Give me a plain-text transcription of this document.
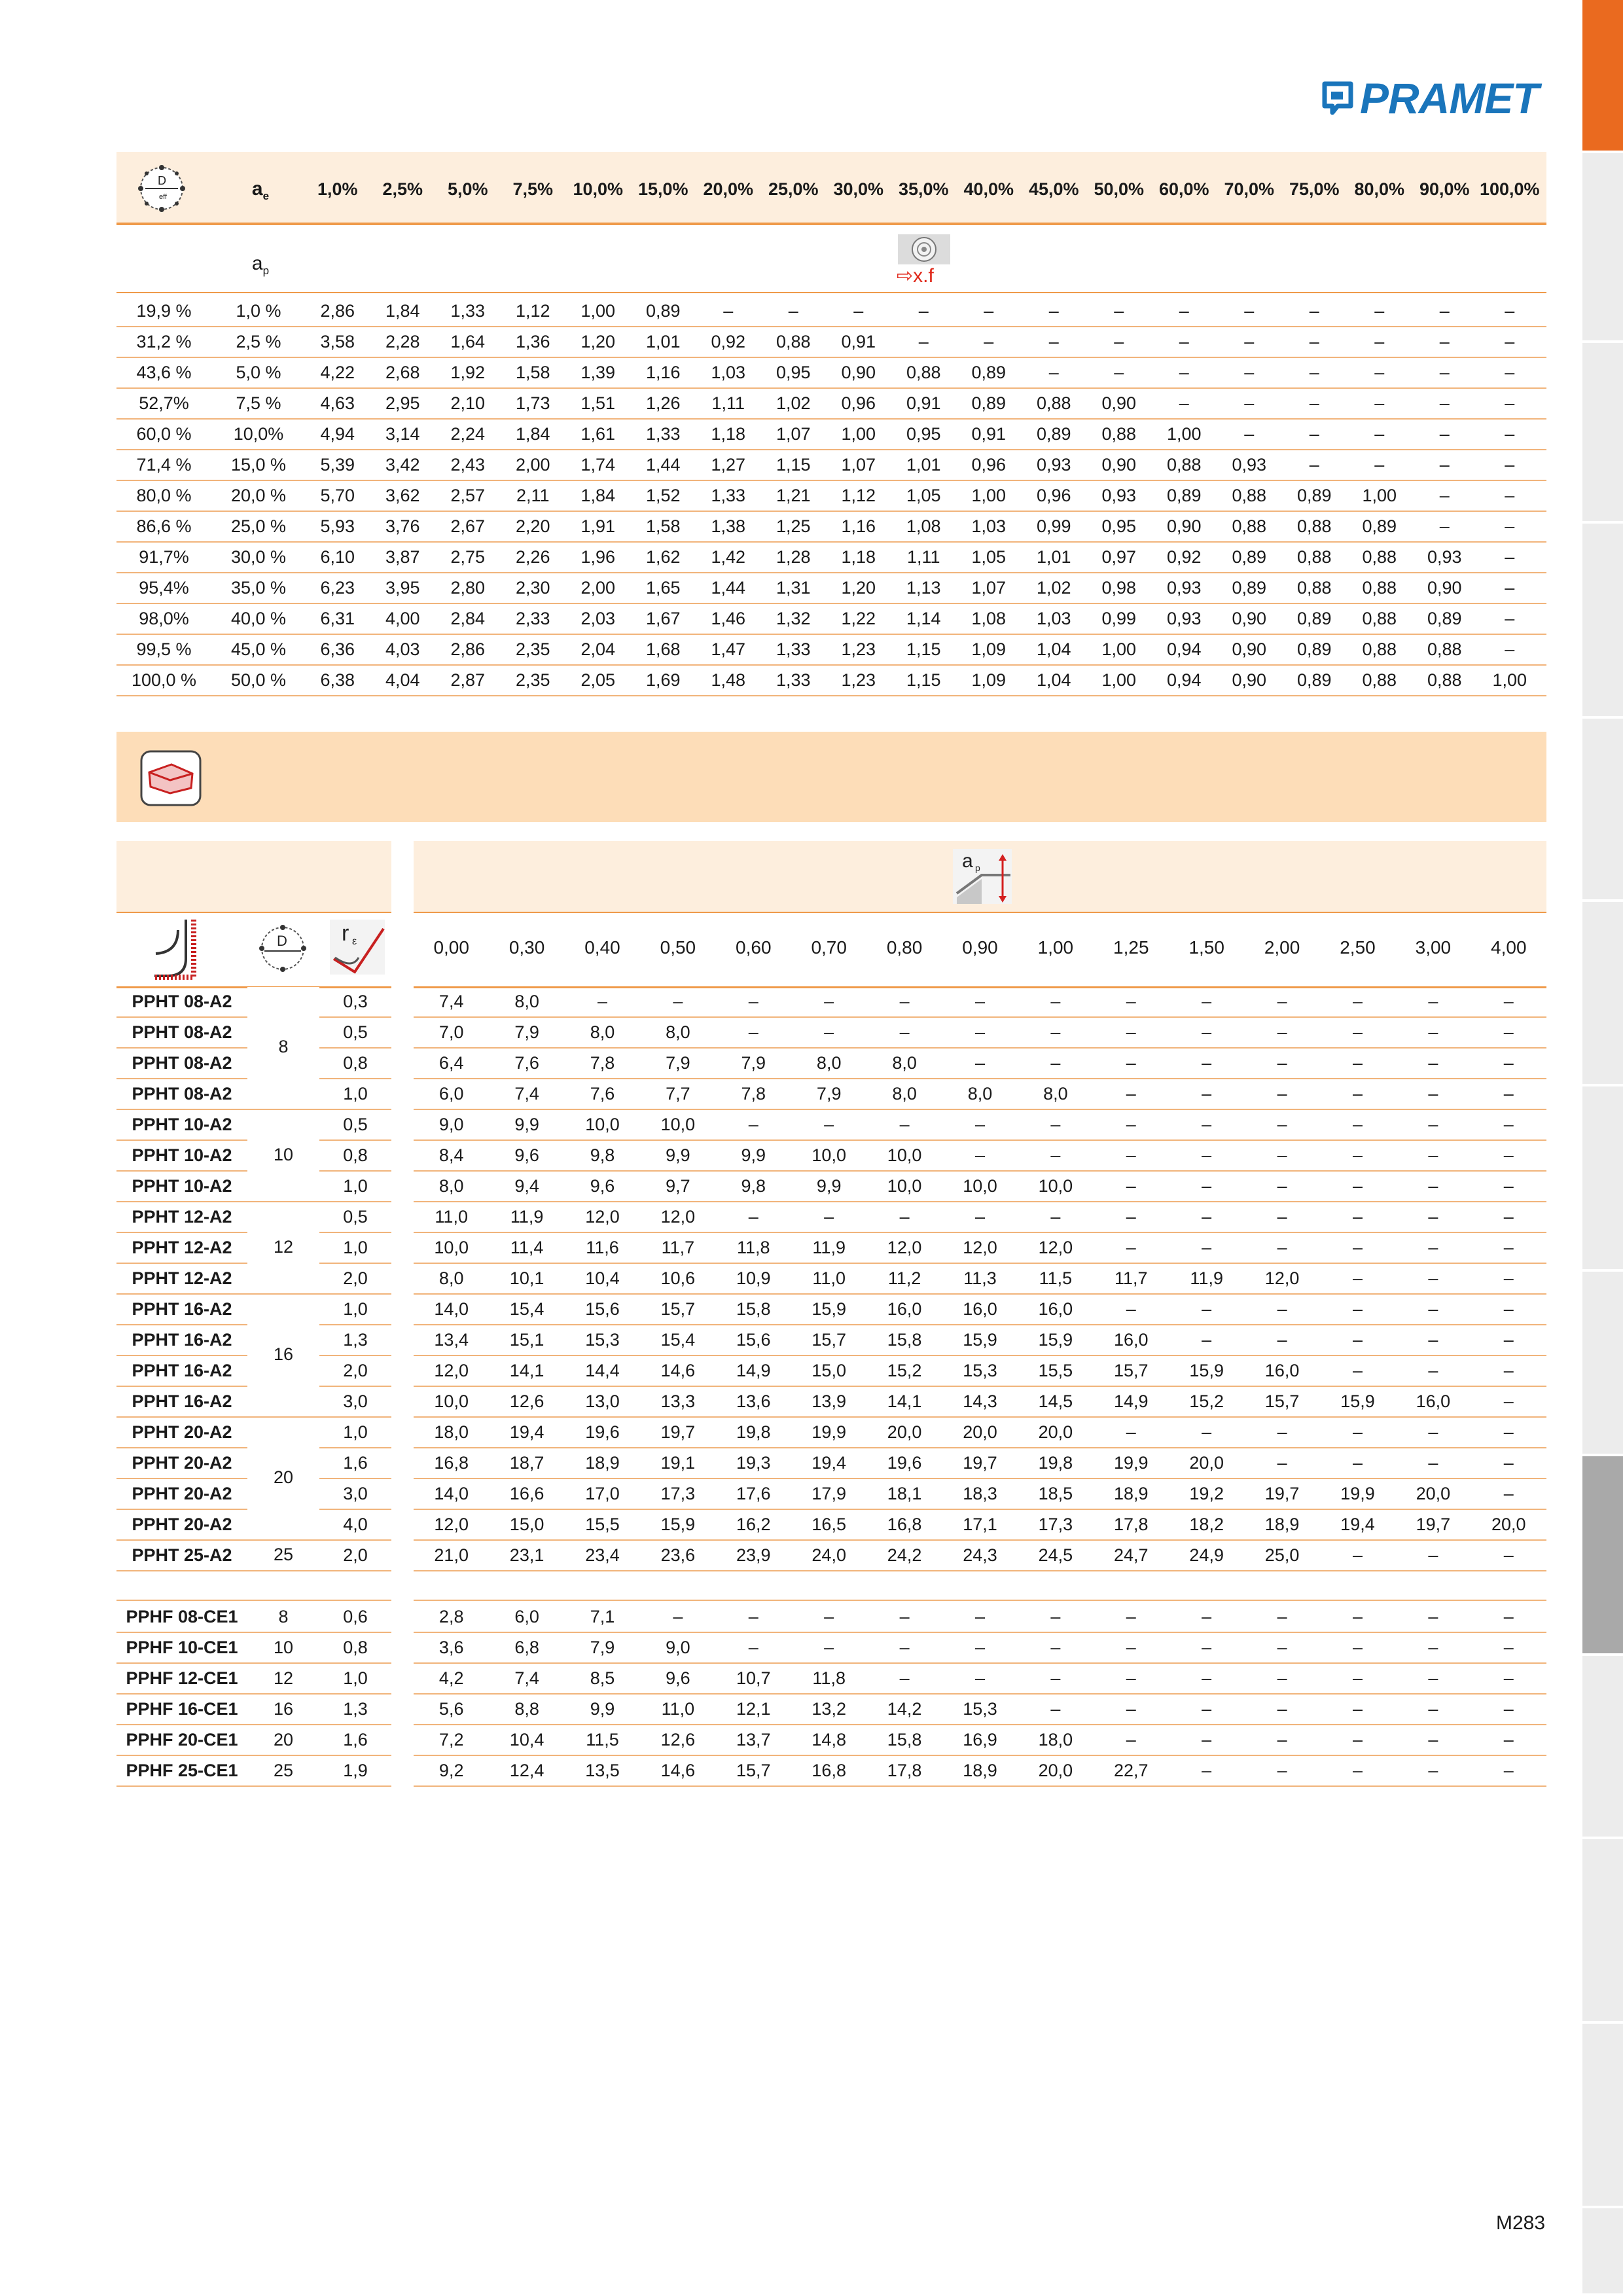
PRAMET
D
eff	$a_e$
$a_p$	⇨x.f
1,0%	2,5%	5,0%	7,5%	10,0% 15,0% 20,0% 25,0% 30,0% 35,0% 40,0% 45,0% 50,0% 60,0% 70,0% 75,0% 80,0% 90,0% 100,0%
19,9 %	1,0 %	2,86	1,84	1,33	1,12	1,00	0,89	–	–	–	–	–	–	–	–	–	–	–	–	–
31,2 %	2,5 %	3,58	2,28	1,64	1,36	1,20	1,01	0,92	0,88	0,91	–	–	–	–	–	–	–	–	–	–
43,6 %	5,0 %	4,22	2,68	1,92	1,58	1,39	1,16	1,03	0,95	0,90	0,88	0,89	–	–	–	–	–	–	–	–
52,7%	7,5 %	4,63	2,95	2,10	1,73	1,51	1,26	1,11	1,02	0,96	0,91	0,89	0,88	0,90	–	–	–	–	–	–
60,0 %	10,0%	4,94	3,14	2,24	1,84	1,61	1,33	1,18	1,07	1,00	0,95	0,91	0,89	0,88	1,00	–	–	–	–	–
71,4 %	15,0 %	5,39	3,42	2,43	2,00	1,74	1,44	1,27	1,15	1,07	1,01	0,96	0,93	0,90	0,88	0,93	–	–	–	–
80,0 %	20,0 %	5,70	3,62	2,57	2,11	1,84	1,52	1,33	1,21	1,12	1,05	1,00	0,96	0,93	0,89	0,88	0,89	1,00	–	–
86,6 %	25,0 %	5,93	3,76	2,67	2,20	1,91	1,58	1,38	1,25	1,16	1,08	1,03	0,99	0,95	0,90	0,88	0,88	0,89	–	–
91,7%	30,0 %	6,10	3,87	2,75	2,26	1,96	1,62	1,42	1,28	1,18	1,11	1,05	1,01	0,97	0,92	0,89	0,88	0,88	0,93	–
95,4%	35,0 %	6,23	3,95	2,80	2,30	2,00	1,65	1,44	1,31	1,20	1,13	1,07	1,02	0,98	0,93	0,89	0,88	0,88	0,90	–
98,0%	40,0 %	6,31	4,00	2,84	2,33	2,03	1,67	1,46	1,32	1,22	1,14	1,08	1,03	0,99	0,93	0,90	0,89	0,88	0,89	–
99,5 %	45,0 %	6,36	4,03	2,86	2,35	2,04	1,68	1,47	1,33	1,23	1,15	1,09	1,04	1,00	0,94	0,90	0,89	0,88	0,88	–
100,0 %	50,0 %	6,38	4,04	2,87	2,35	2,05	1,69	1,48	1,33	1,23	1,15	1,09	1,04	1,00	0,94	0,90	0,89	0,88	0,88	1,00
a p
D r ε	0,00	0,30	0,40	0,50	0,60	0,70	0,80	0,90	1,00	1,25	1,50	2,00	2,50	3,00	4,00
PPHT 08-A2	0,3	7,4	8,0	–	–	–	–	–	–	–	–	–	–	–	–	–
PPHT 08-A2	0,5	7,0	7,9	8,0	8,0	–	–	–	–	–	–	–	–	–	–	–
PPHT 08-A2	0,8	6,4	7,6	7,8	7,9	7,9	8,0	8,0	–	–	–	–	–	–	–	–
PPHT 08-A2	1,0	6,0	7,4	7,6	7,7	7,8	7,9	8,0	8,0	8,0	–	–	–	–	–	–
8
PPHT 10-A2	0,5	9,0	9,9	10,0	10,0	–	–	–	–	–	–	–	–	–	–	–
PPHT 10-A2	0,8	8,4	9,6	9,8	9,9	9,9	10,0	10,0	–	–	–	–	–	–	–	–
PPHT 10-A2	1,0	8,0	9,4	9,6	9,7	9,8	9,9	10,0	10,0	10,0	–	–	–	–	–	–
10
PPHT 12-A2	0,5	11,0	11,9	12,0	12,0	–	–	–	–	–	–	–	–	–	–	–
PPHT 12-A2	1,0	10,0	11,4	11,6	11,7	11,8	11,9	12,0	12,0	12,0	–	–	–	–	–	–
PPHT 12-A2	2,0	8,0	10,1	10,4	10,6	10,9	11,0	11,2	11,3	11,5	11,7	11,9	12,0	–	–	–
12
PPHT 16-A2	1,0	14,0	15,4	15,6	15,7	15,8	15,9	16,0	16,0	16,0	–	–	–	–	–	–
PPHT 16-A2	1,3	13,4	15,1	15,3	15,4	15,6	15,7	15,8	15,9	15,9	16,0	–	–	–	–	–
PPHT 16-A2	2,0	12,0	14,1	14,4	14,6	14,9	15,0	15,2	15,3	15,5	15,7	15,9	16,0	–	–	–
PPHT 16-A2	3,0	10,0	12,6	13,0	13,3	13,6	13,9	14,1	14,3	14,5	14,9	15,2	15,7	15,9	16,0	–
16
PPHT 20-A2	1,0	18,0	19,4	19,6	19,7	19,8	19,9	20,0	20,0	20,0	–	–	–	–	–	–
PPHT 20-A2	1,6	16,8	18,7	18,9	19,1	19,3	19,4	19,6	19,7	19,8	19,9	20,0	–	–	–	–
PPHT 20-A2	3,0	14,0	16,6	17,0	17,3	17,6	17,9	18,1	18,3	18,5	18,9	19,2	19,7	19,9	20,0	–
PPHT 20-A2	4,0	12,0	15,0	15,5	15,9	16,2	16,5	16,8	17,1	17,3	17,8	18,2	18,9	19,4	19,7	20,0
20
PPHT 25-A2	2,0	21,0	23,1	23,4	23,6	23,9	24,0	24,2	24,3	24,5	24,7	24,9	25,0	–	–	–
25
PPHF 08-CE1	8	0,6	2,8	6,0	7,1	–	–	–	–	–	–	–	–	–	–	–	–
PPHF 10-CE1	10	0,8	3,6	6,8	7,9	9,0	–	–	–	–	–	–	–	–	–	–	–
PPHF 12-CE1	12	1,0	4,2	7,4	8,5	9,6	10,7	11,8	–	–	–	–	–	–	–	–	–
PPHF 16-CE1	16	1,3	5,6	8,8	9,9	11,0	12,1	13,2	14,2	15,3	–	–	–	–	–	–	–
PPHF 20-CE1	20	1,6	7,2	10,4	11,5	12,6	13,7	14,8	15,8	16,9	18,0	–	–	–	–	–	–
PPHF 25-CE1	25	1,9	9,2	12,4	13,5	14,6	15,7	16,8	17,8	18,9	20,0	22,7	–	–	–	–	–
M283
